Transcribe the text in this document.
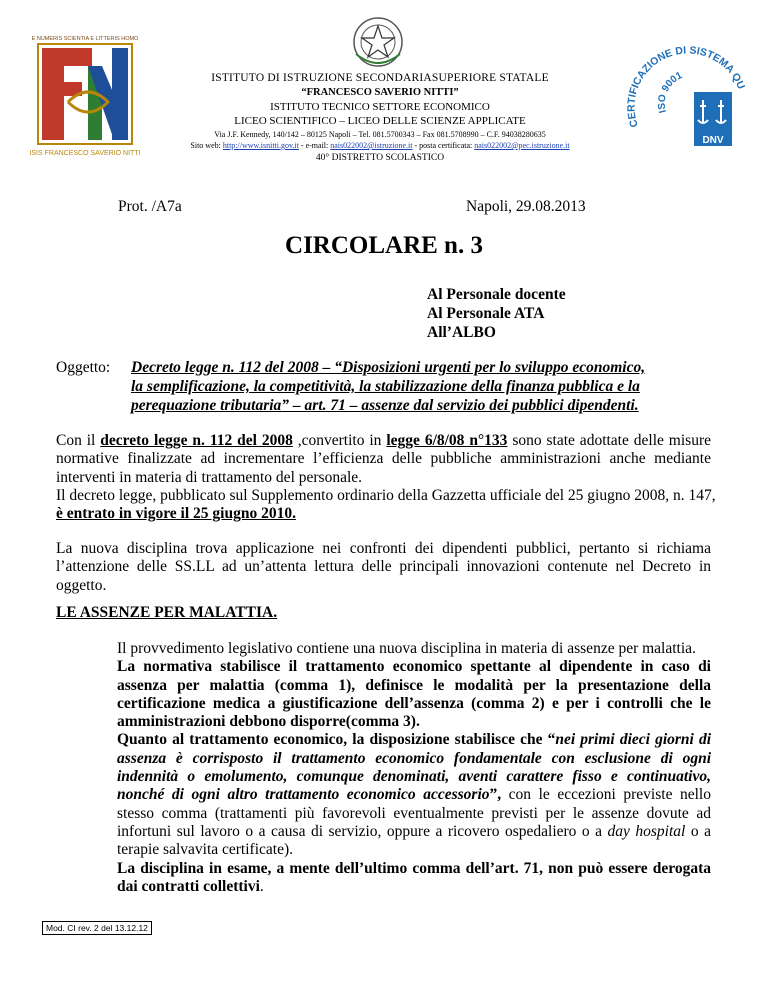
E NUMERIS SCIENTIA E LITTERIS HOMO
ISIS FRANCESCO SAVERIO NITTI
ISTITUTO DI ISTRUZIONE SECONDARIASUPERIORE STATALE
“FRANCESCO SAVERIO NITTI”
ISTITUTO TECNICO SETTORE ECONOMICO
LICEO SCIENTIFICO – LICEO DELLE SCIENZE APPLICATE
Via J.F. Kennedy, 140/142 – 80125 Napoli – Tel. 081.5700343 – Fax 081.5708990 – C.F. 94038280635
Sito web: http://www.isnitti.gov.it - e-mail: nais022002@istruzione.it - posta certificata: nais022002@pec.istruzione.it
40° DISTRETTO SCOLASTICO
CERTIFICAZIONE DI SISTEMA QU
ISO 9001
DNV
Prot. /A7a	Napoli, 29.08.2013
CIRCOLARE n. 3
Al Personale docente
Al Personale ATA
All’ALBO
Oggetto: Decreto legge n. 112 del 2008 – “Disposizioni urgenti per lo sviluppo economico,
la semplificazione, la competitività, la stabilizzazione della finanza pubblica e la
perequazione tributaria” – art. 71 – assenze dal servizio dei pubblici dipendenti.
Con il decreto legge n. 112 del 2008 ,convertito in legge 6/8/08 n°133 sono state adottate delle misure normative finalizzate ad incrementare l’efficienza delle pubbliche amministrazioni anche mediante interventi in materia di trattamento del personale.
Il decreto legge, pubblicato sul Supplemento ordinario della Gazzetta ufficiale del 25 giugno 2008, n. 147, è entrato in vigore il 25 giugno 2010.
La nuova disciplina trova applicazione nei confronti dei dipendenti pubblici, pertanto si richiama l’attenzione delle SS.LL ad un’attenta lettura delle principali innovazioni contenute nel Decreto in oggetto.
LE ASSENZE PER MALATTIA.
Il provvedimento legislativo contiene una nuova disciplina in materia di assenze per malattia.
La normativa stabilisce il trattamento economico spettante al dipendente in caso di assenza per malattia (comma 1), definisce le modalità per la presentazione della certificazione medica a giustificazione dell’assenza (comma 2) e per i controlli che le amministrazioni debbono disporre(comma 3).
Quanto al trattamento economico, la disposizione stabilisce che “nei primi dieci giorni di assenza è corrisposto il trattamento economico fondamentale con esclusione di ogni indennità o emolumento, comunque denominati, aventi carattere fisso e continuativo, nonché di ogni altro trattamento economico accessorio”, con le eccezioni previste nello stesso comma (trattamenti più favorevoli eventualmente previsti per le assenze dovute ad infortuni sul lavoro o a causa di servizio, oppure a ricovero ospedaliero o a day hospital o a terapie salvavita certificate).
La disciplina in esame, a mente dell’ultimo comma dell’art. 71, non può essere derogata dai contratti collettivi.
Mod. CI rev. 2 del 13.12.12
